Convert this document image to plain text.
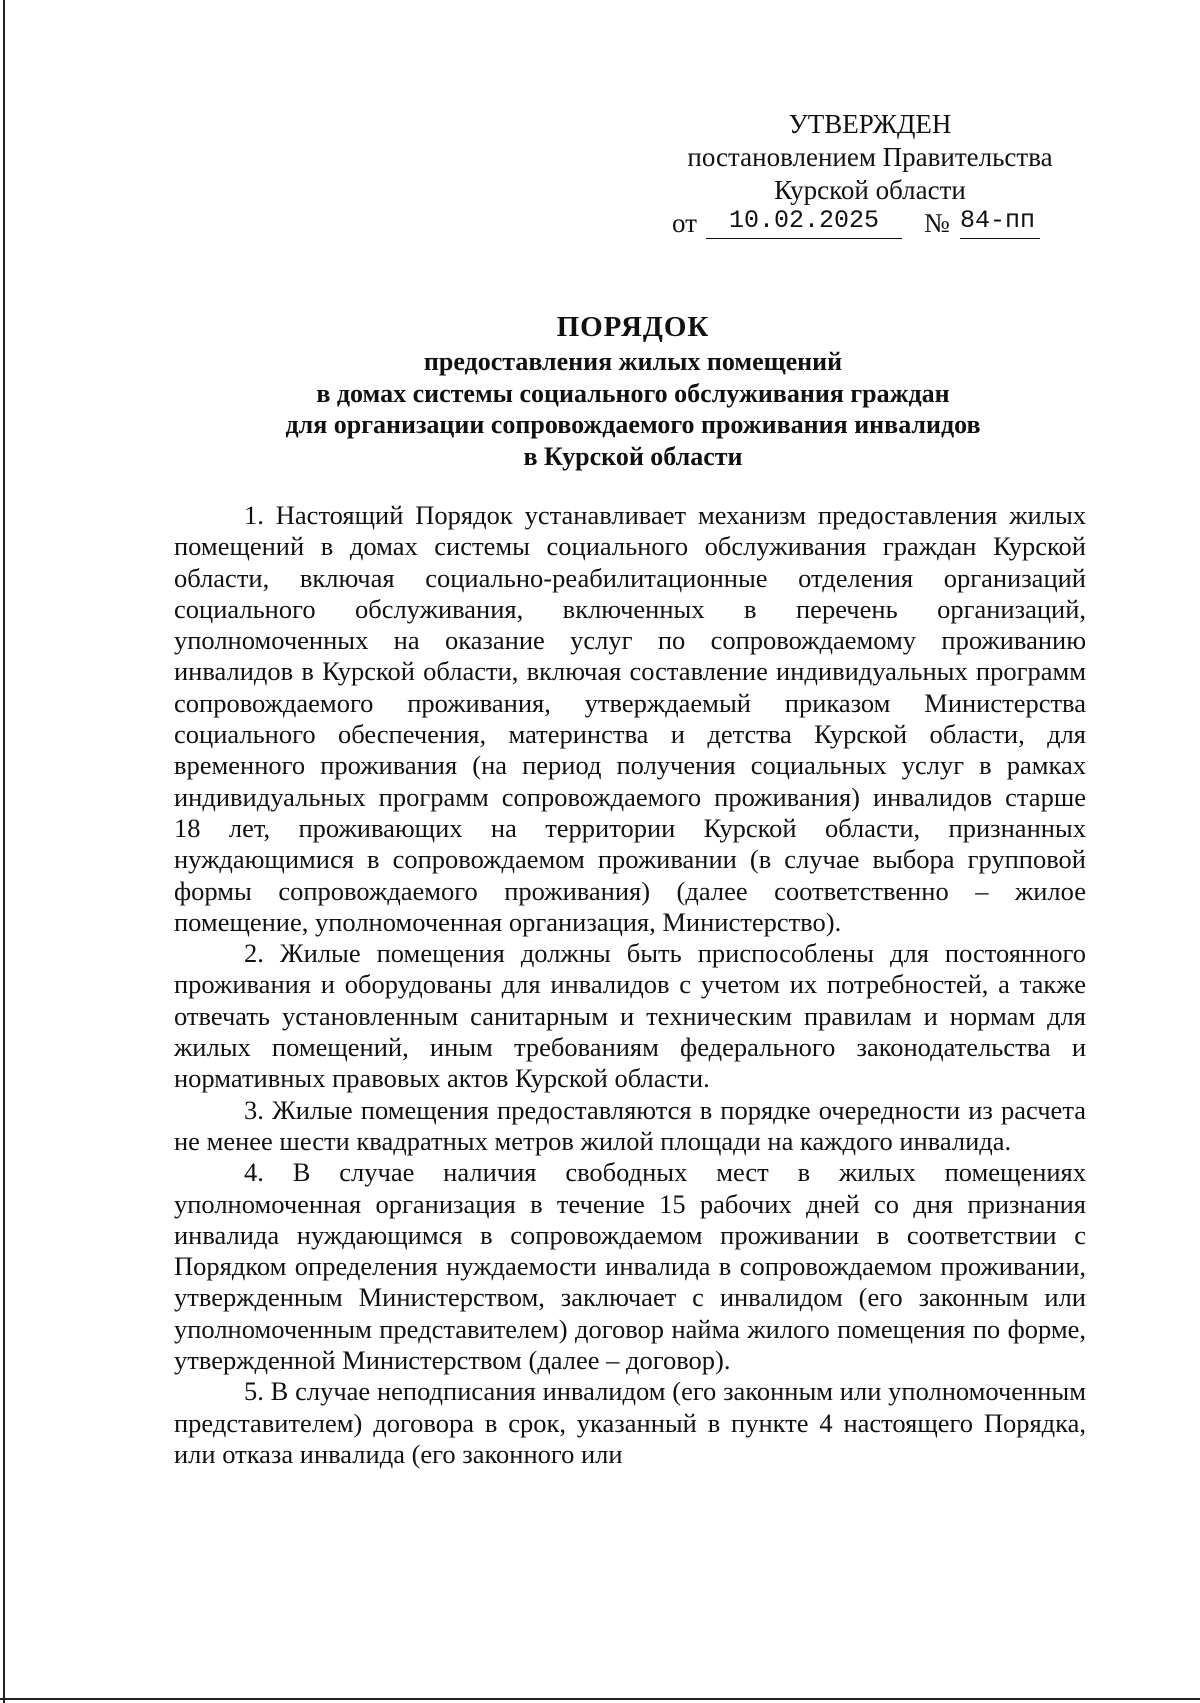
УТВЕРЖДЕН
постановлением Правительства
Курской области
от	10.02.2025	№ 84-пп
ПОРЯДОК
предоставления жилых помещений
в домах системы социального обслуживания граждан
для организации сопровождаемого проживания инвалидов
в Курской области

1. Настоящий Порядок устанавливает механизм предоставления жилых помещений в домах системы социального обслуживания граждан Курской области, включая социально-реабилитационные отделения организаций социального обслуживания, включенных в перечень организаций, уполномоченных на оказание услуг по сопровождаемому проживанию инвалидов в Курской области, включая составление индивидуальных программ сопровождаемого проживания, утверждаемый приказом Министерства социального обеспечения, материнства и детства Курской области, для временного проживания (на период получения социальных услуг в рамках индивидуальных программ сопровождаемого проживания) инвалидов старше 18 лет, проживающих на территории Курской области, признанных нуждающимися в сопровождаемом проживании (в случае выбора групповой формы сопровождаемого проживания) (далее соответственно – жилое помещение, уполномоченная организация, Министерство).

2. Жилые помещения должны быть приспособлены для постоянного проживания и оборудованы для инвалидов с учетом их потребностей, а также отвечать установленным санитарным и техническим правилам и нормам для жилых помещений, иным требованиям федерального законодательства и нормативных правовых актов Курской области.

3. Жилые помещения предоставляются в порядке очередности из расчета не менее шести квадратных метров жилой площади на каждого инвалида.

4. В случае наличия свободных мест в жилых помещениях уполномоченная организация в течение 15 рабочих дней со дня признания инвалида нуждающимся в сопровождаемом проживании в соответствии с Порядком определения нуждаемости инвалида в сопровождаемом проживании, утвержденным Министерством, заключает с инвалидом (его законным или уполномоченным представителем) договор найма жилого помещения по форме, утвержденной Министерством (далее – договор).

5. В случае неподписания инвалидом (его законным или уполномоченным представителем) договора в срок, указанный в пункте 4 настоящего Порядка, или отказа инвалида (его законного или
